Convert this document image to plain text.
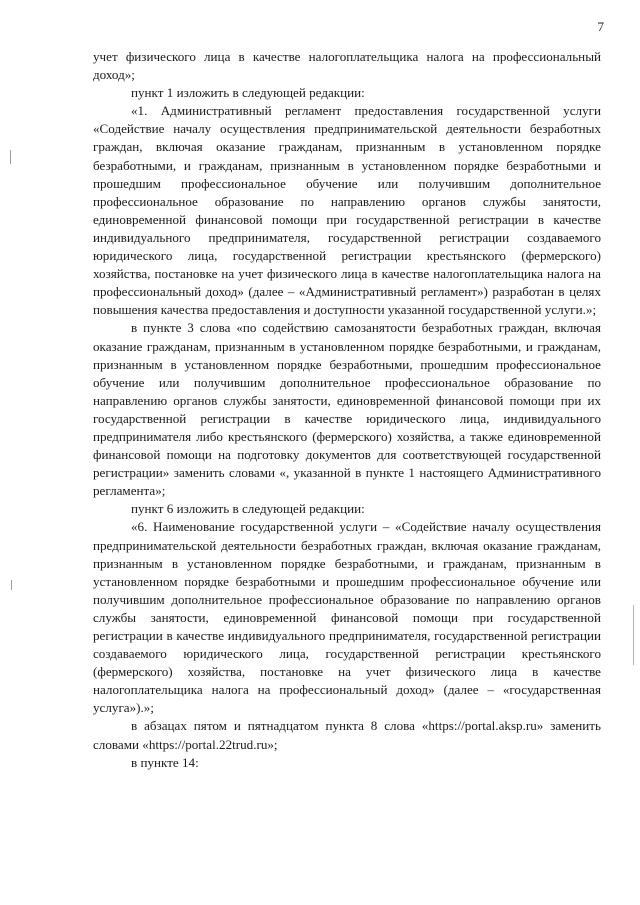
7

учет физического лица в качестве налогоплательщика налога на профессиональный доход»;

пункт 1 изложить в следующей редакции:

«1. Административный регламент предоставления государственной услуги «Содействие началу осуществления предпринимательской деятельности безработных граждан, включая оказание гражданам, признанным в установленном порядке безработными, и гражданам, признанным в установленном порядке безработными и прошедшим профессиональное обучение или получившим дополнительное профессиональное образование по направлению органов службы занятости, единовременной финансовой помощи при государственной регистрации в качестве индивидуального предпринимателя, государственной регистрации создаваемого юридического лица, государственной регистрации крестьянского (фермерского) хозяйства, постановке на учет физического лица в качестве налогоплательщика налога на профессиональный доход» (далее – «Административный регламент») разработан в целях повышения качества предоставления и доступности указанной государственной услуги.»;

в пункте 3 слова «по содействию самозанятости безработных граждан, включая оказание гражданам, признанным в установленном порядке безработными, и гражданам, признанным в установленном порядке безработными, прошедшим профессиональное обучение или получившим дополнительное профессиональное образование по направлению органов службы занятости, единовременной финансовой помощи при их государственной регистрации в качестве юридического лица, индивидуального предпринимателя либо крестьянского (фермерского) хозяйства, а также единовременной финансовой помощи на подготовку документов для соответствующей государственной регистрации» заменить словами «, указанной в пункте 1 настоящего Административного регламента»;

пункт 6 изложить в следующей редакции:

«6. Наименование государственной услуги – «Содействие началу осуществления предпринимательской деятельности безработных граждан, включая оказание гражданам, признанным в установленном порядке безработными, и гражданам, признанным в установленном порядке безработными и прошедшим профессиональное обучение или получившим дополнительное профессиональное образование по направлению органов службы занятости, единовременной финансовой помощи при государственной регистрации в качестве индивидуального предпринимателя, государственной регистрации создаваемого юридического лица, государственной регистрации крестьянского (фермерского) хозяйства, постановке на учет физического лица в качестве налогоплательщика налога на профессиональный доход» (далее – «государственная услуга»).»;

в абзацах пятом и пятнадцатом пункта 8 слова «https://portal.aksp.ru» заменить словами «https://portal.22trud.ru»;

в пункте 14:
